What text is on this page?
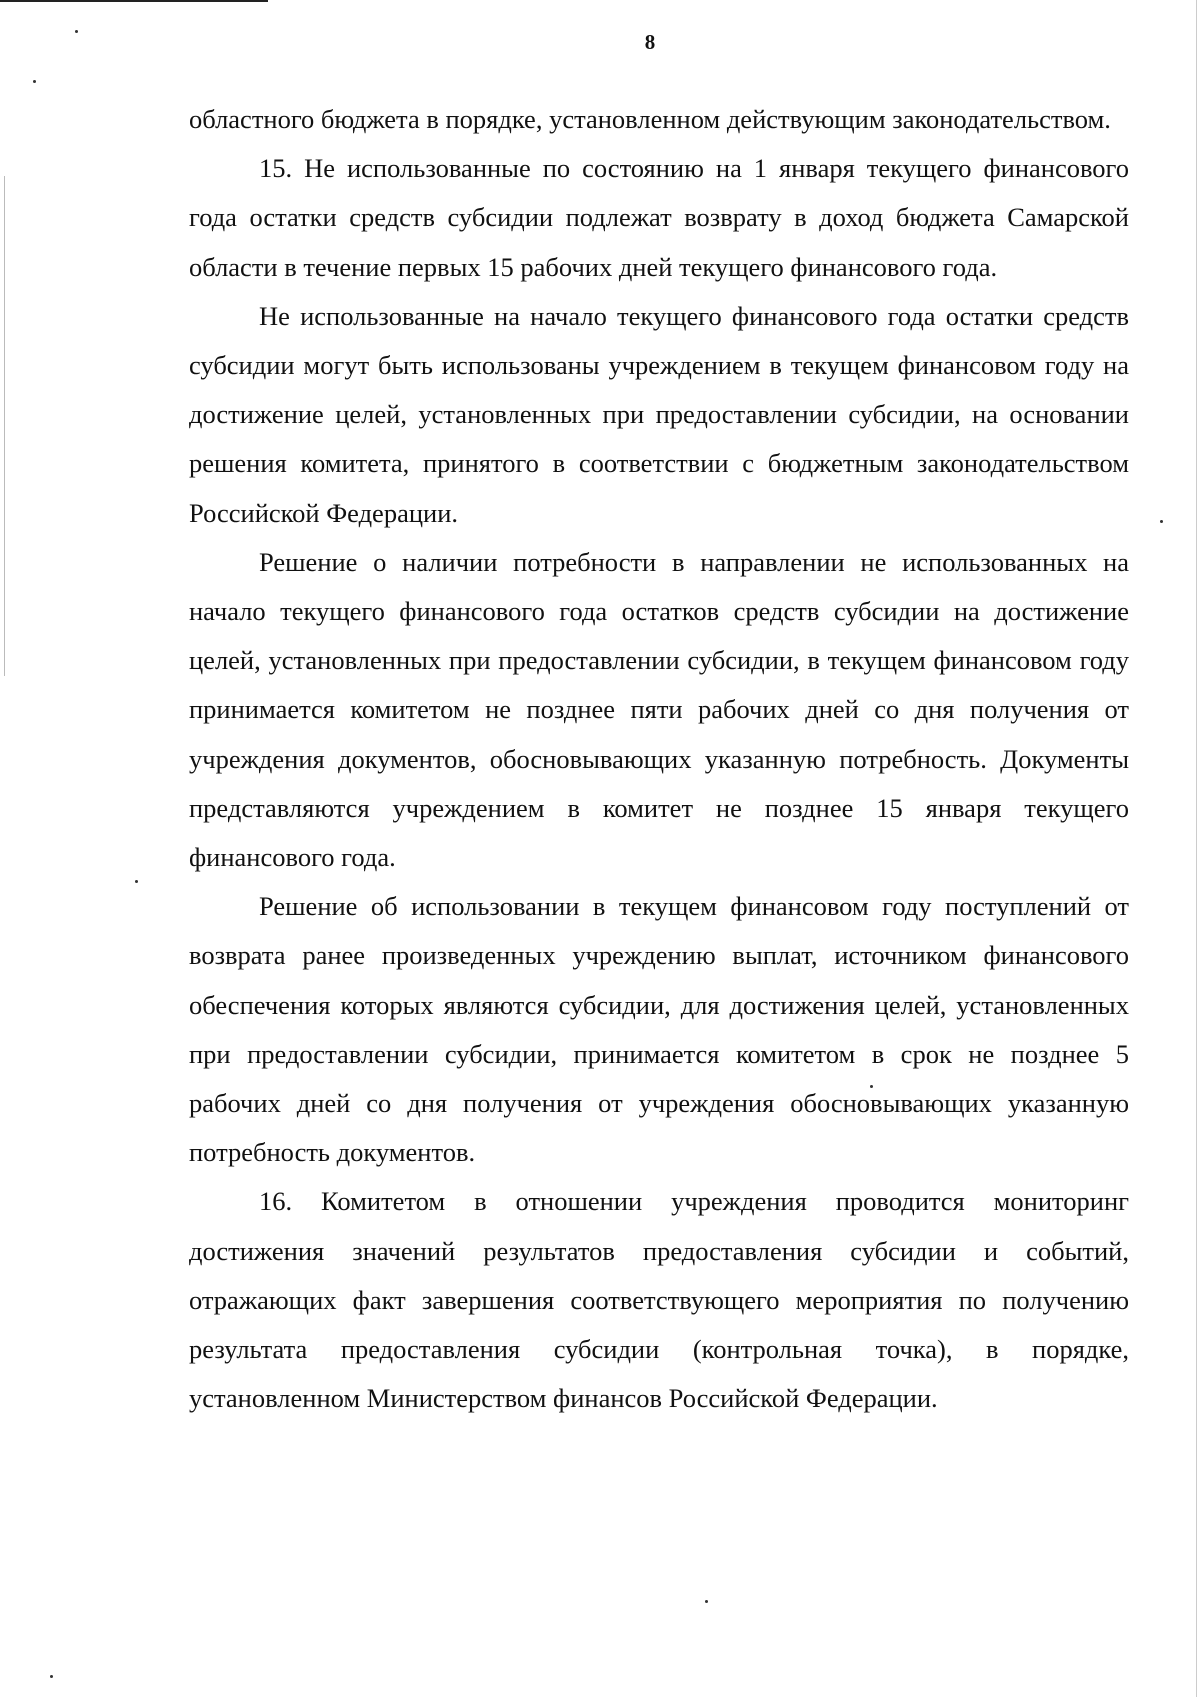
8

областного бюджета в порядке, установленном действующим законодательством.

15. Не использованные по состоянию на 1 января текущего финансового года остатки средств субсидии подлежат возврату в доход бюджета Самарской области в течение первых 15 рабочих дней текущего финансового года.

Не использованные на начало текущего финансового года остатки средств субсидии могут быть использованы учреждением в текущем финансовом году на достижение целей, установленных при предоставлении субсидии, на основании решения комитета, принятого в соответствии с бюджетным законодательством Российской Федерации.

Решение о наличии потребности в направлении не использованных на начало текущего финансового года остатков средств субсидии на достижение целей, установленных при предоставлении субсидии, в текущем финансовом году принимается комитетом не позднее пяти рабочих дней со дня получения от учреждения документов, обосновывающих указанную потребность. Документы представляются учреждением в комитет не позднее 15 января текущего финансового года.

Решение об использовании в текущем финансовом году поступлений от возврата ранее произведенных учреждению выплат, источником финансового обеспечения которых являются субсидии, для достижения целей, установленных при предоставлении субсидии, принимается комитетом в срок не позднее 5 рабочих дней со дня получения от учреждения обосновывающих указанную потребность документов.

16. Комитетом в отношении учреждения проводится мониторинг достижения значений результатов предоставления субсидии и событий, отражающих факт завершения соответствующего мероприятия по получению результата предоставления субсидии (контрольная точка), в порядке, установленном Министерством финансов Российской Федерации.
